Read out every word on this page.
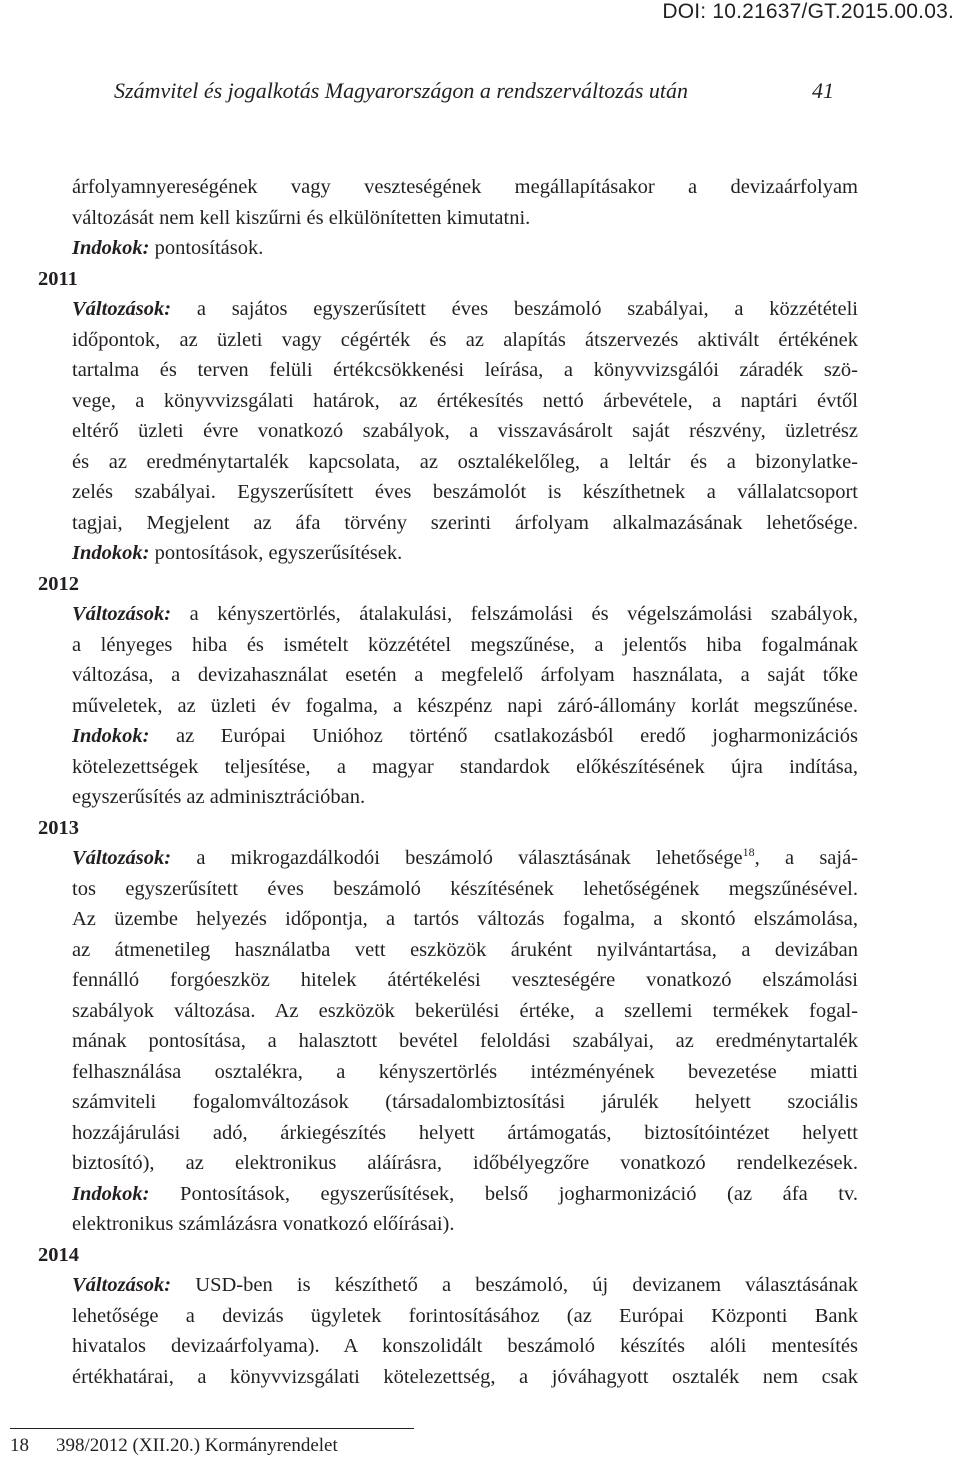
DOI: 10.21637/GT.2015.00.03.
Számvitel és jogalkotás Magyarországon a rendszerváltozás után	41
árfolyamnyereségének vagy veszteségének megállapításakor a devizaárfolyam
változását nem kell kiszűrni és elkülönítetten kimutatni.
Indokok: pontosítások.
2011
Változások: a sajátos egyszerűsített éves beszámoló szabályai, a közzétételi
időpontok, az üzleti vagy cégérték és az alapítás átszervezés aktivált értékének
tartalma és terven felüli értékcsökkenési leírása, a könyvvizsgálói záradék szö-
vege, a könyvvizsgálati határok, az értékesítés nettó árbevétele, a naptári évtől
eltérő üzleti évre vonatkozó szabályok, a visszavásárolt saját részvény, üzletrész
és az eredménytartalék kapcsolata, az osztalékelőleg, a leltár és a bizonylatke-
zelés szabályai. Egyszerűsített éves beszámolót is készíthetnek a vállalatcsoport
tagjai, Megjelent az áfa törvény szerinti árfolyam alkalmazásának lehetősége.
Indokok: pontosítások, egyszerűsítések.
2012
Változások: a kényszertörlés, átalakulási, felszámolási és végelszámolási szabályok,
a lényeges hiba és ismételt közzététel megszűnése, a jelentős hiba fogalmának
változása, a devizahasználat esetén a megfelelő árfolyam használata, a saját tőke
műveletek, az üzleti év fogalma, a készpénz napi záró-állomány korlát megszűnése.
Indokok: az Európai Unióhoz történő csatlakozásból eredő jogharmonizációs
kötelezettségek teljesítése, a magyar standardok előkészítésének újra indítása,
egyszerűsítés az adminisztrációban.
2013
Változások: a mikrogazdálkodói beszámoló választásának lehetősége$^{18}$, a sajá-
tos egyszerűsített éves beszámoló készítésének lehetőségének megszűnésével.
Az üzembe helyezés időpontja, a tartós változás fogalma, a skontó elszámolása,
az átmenetileg használatba vett eszközök áruként nyilvántartása, a devizában
fennálló forgóeszköz hitelek átértékelési veszteségére vonatkozó elszámolási
szabályok változása. Az eszközök bekerülési értéke, a szellemi termékek fogal-
mának pontosítása, a halasztott bevétel feloldási szabályai, az eredménytartalék
felhasználása osztalékra, a kényszertörlés intézményének bevezetése miatti
számviteli fogalomváltozások (társadalombiztosítási járulék helyett szociális
hozzájárulási adó, árkiegészítés helyett ártámogatás, biztosítóintézet helyett
biztosító), az elektronikus aláírásra, időbélyegzőre vonatkozó rendelkezések.
Indokok: Pontosítások, egyszerűsítések, belső jogharmonizáció (az áfa tv.
elektronikus számlázásra vonatkozó előírásai).
2014
Változások: USD-ben is készíthető a beszámoló, új devizanem választásának
lehetősége a devizás ügyletek forintosításához (az Európai Központi Bank
hivatalos devizaárfolyama). A konszolidált beszámoló készítés alóli mentesítés
értékhatárai, a könyvvizsgálati kötelezettség, a jóváhagyott osztalék nem csak
18 398/2012 (XII.20.) Kormányrendelet
